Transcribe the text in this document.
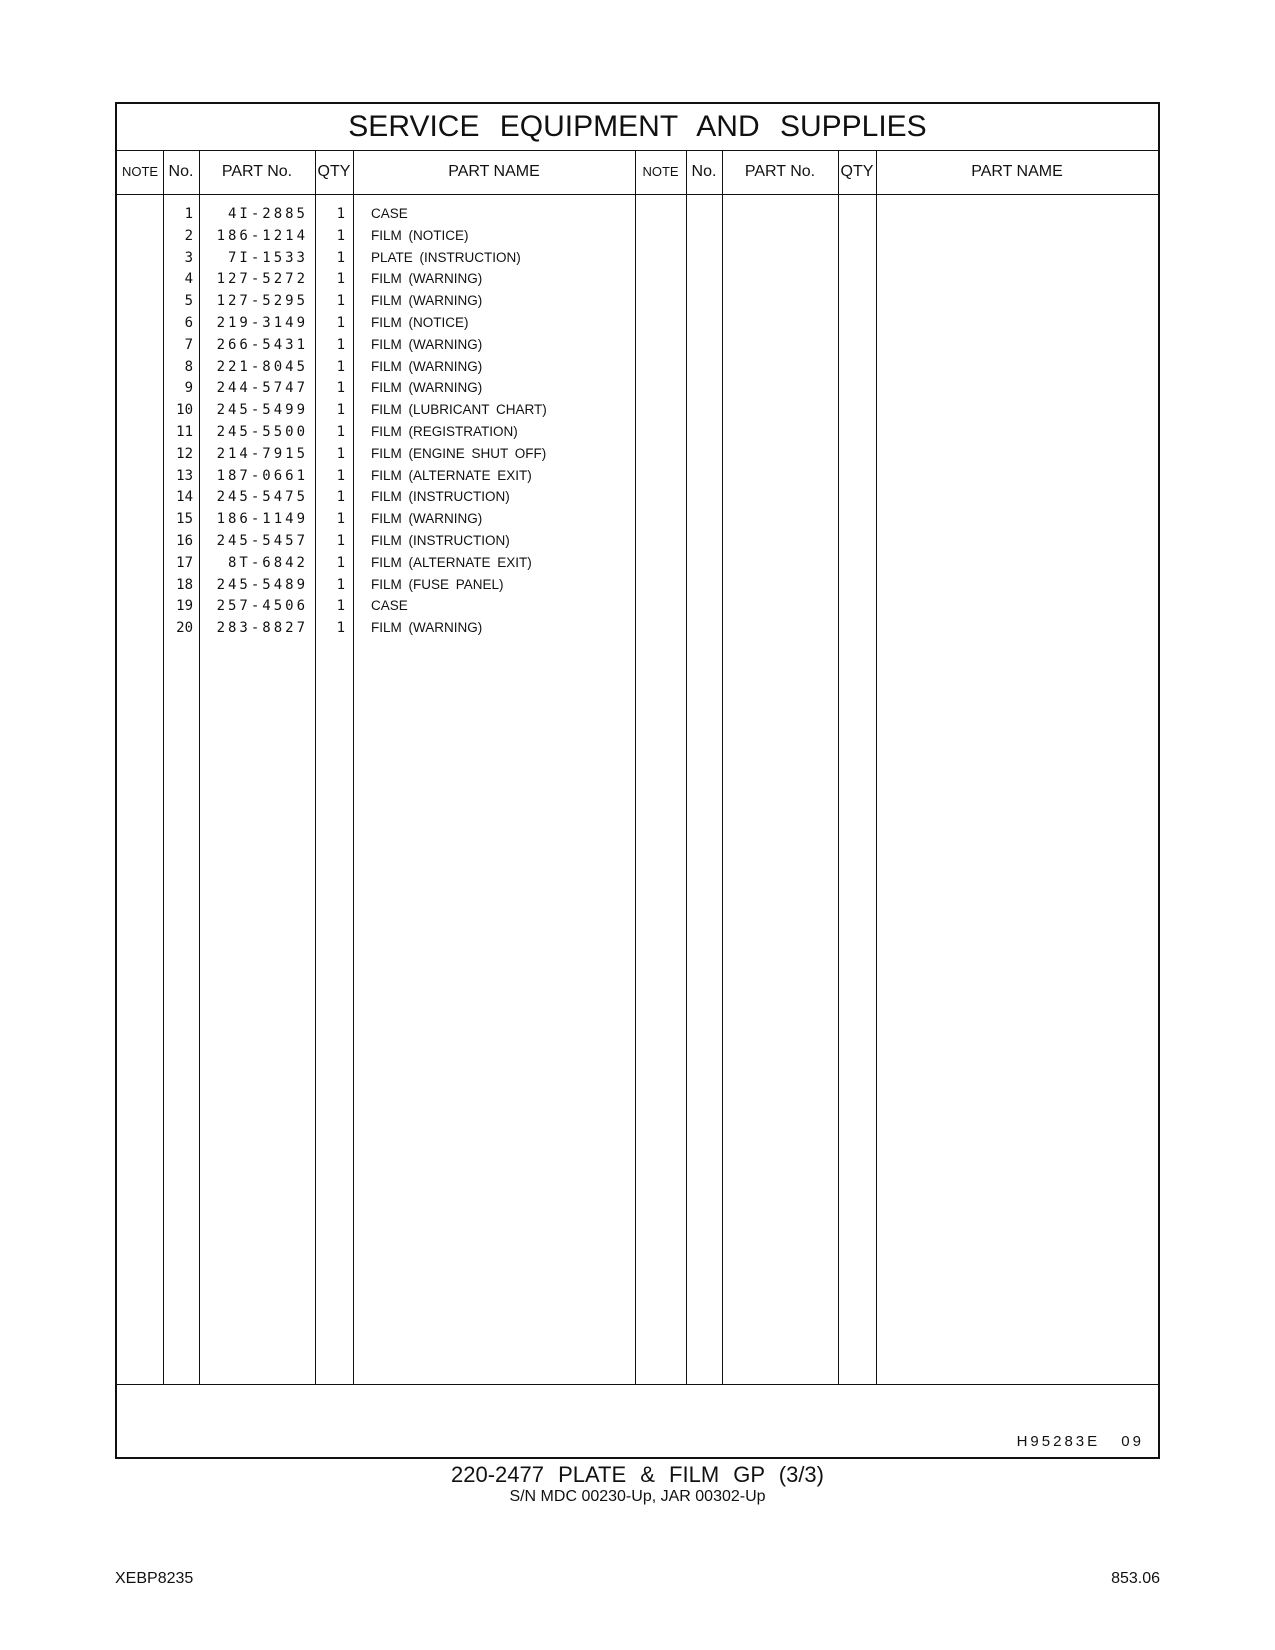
SERVICE EQUIPMENT AND SUPPLIES
NOTE No.	PART No.	QTY	PART NAME	NOTE No.	PART No.	QTY	PART NAME
1	4I-2885	1 CASE
2	186-1214	1 FILM (NOTICE)
3	7I-1533	1 PLATE (INSTRUCTION)
4	127-5272	1 FILM (WARNING)
5	127-5295	1 FILM (WARNING)
6	219-3149	1 FILM (NOTICE)
7	266-5431	1 FILM (WARNING)
8	221-8045	1 FILM (WARNING)
9	244-5747	1 FILM (WARNING)
10	245-5499	1 FILM (LUBRICANT CHART)
11	245-5500	1 FILM (REGISTRATION)
12	214-7915	1 FILM (ENGINE SHUT OFF)
13	187-0661	1 FILM (ALTERNATE EXIT)
14	245-5475	1 FILM (INSTRUCTION)
15	186-1149	1 FILM (WARNING)
16	245-5457	1 FILM (INSTRUCTION)
17	8T-6842	1 FILM (ALTERNATE EXIT)
18	245-5489	1 FILM (FUSE PANEL)
19	257-4506	1 CASE
20	283-8827	1 FILM (WARNING)
H95283E 09
220-2477 PLATE & FILM GP (3/3)
S/N MDC 00230-Up, JAR 00302-Up
XEBP8235	853.06
